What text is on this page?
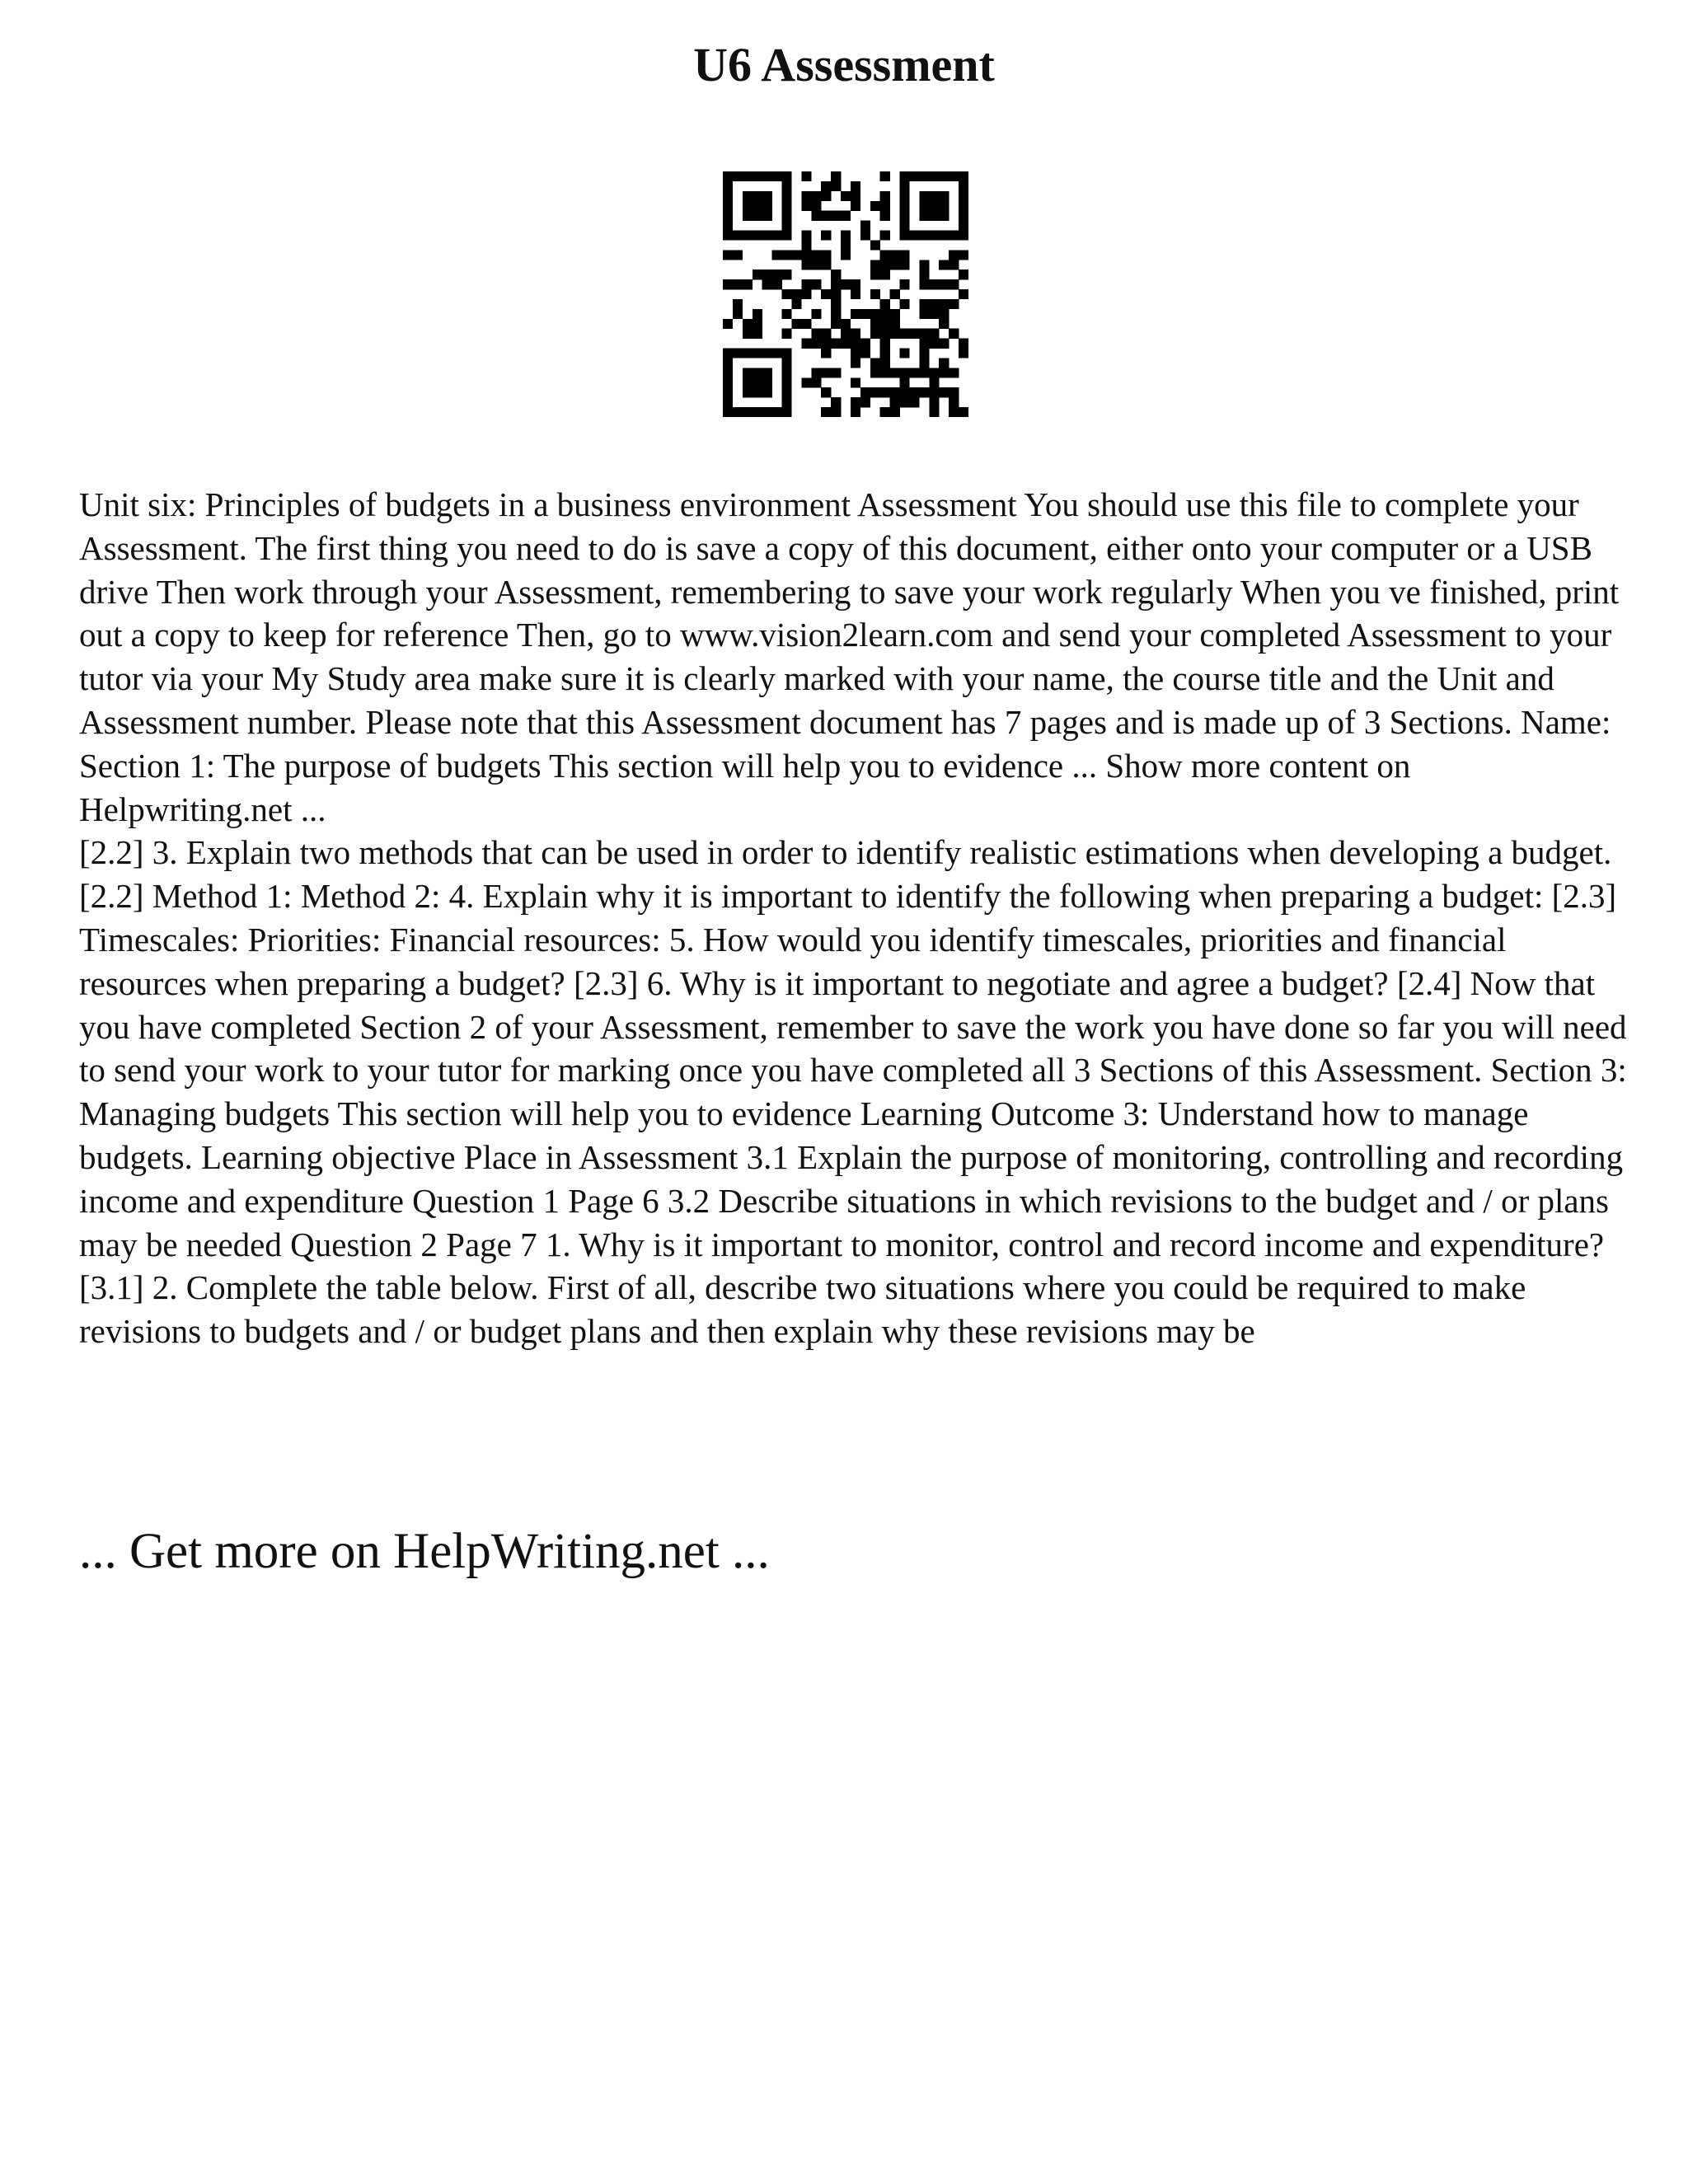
U6 Assessment

Unit six: Principles of budgets in a business environment Assessment You should use this file to complete your Assessment. The first thing you need to do is save a copy of this document, either onto your computer or a USB drive Then work through your Assessment, remembering to save your work regularly When you ve finished, print out a copy to keep for reference Then, go to www.vision2learn.com and send your completed Assessment to your tutor via your My Study area make sure it is clearly marked with your name, the course title and the Unit and Assessment number. Please note that this Assessment document has 7 pages and is made up of 3 Sections. Name: Section 1: The purpose of budgets This section will help you to evidence ... Show more content on Helpwriting.net ...

[2.2] 3. Explain two methods that can be used in order to identify realistic estimations when developing a budget. [2.2] Method 1: Method 2: 4. Explain why it is important to identify the following when preparing a budget: [2.3] Timescales: Priorities: Financial resources: 5. How would you identify timescales, priorities and financial resources when preparing a budget? [2.3] 6. Why is it important to negotiate and agree a budget? [2.4] Now that you have completed Section 2 of your Assessment, remember to save the work you have done so far you will need to send your work to your tutor for marking once you have completed all 3 Sections of this Assessment. Section 3: Managing budgets This section will help you to evidence Learning Outcome 3: Understand how to manage budgets. Learning objective Place in Assessment 3.1 Explain the purpose of monitoring, controlling and recording income and expenditure Question 1 Page 6 3.2 Describe situations in which revisions to the budget and / or plans may be needed Question 2 Page 7 1. Why is it important to monitor, control and record income and expenditure? [3.1] 2. Complete the table below. First of all, describe two situations where you could be required to make revisions to budgets and / or budget plans and then explain why these revisions may be

... Get more on HelpWriting.net ...
